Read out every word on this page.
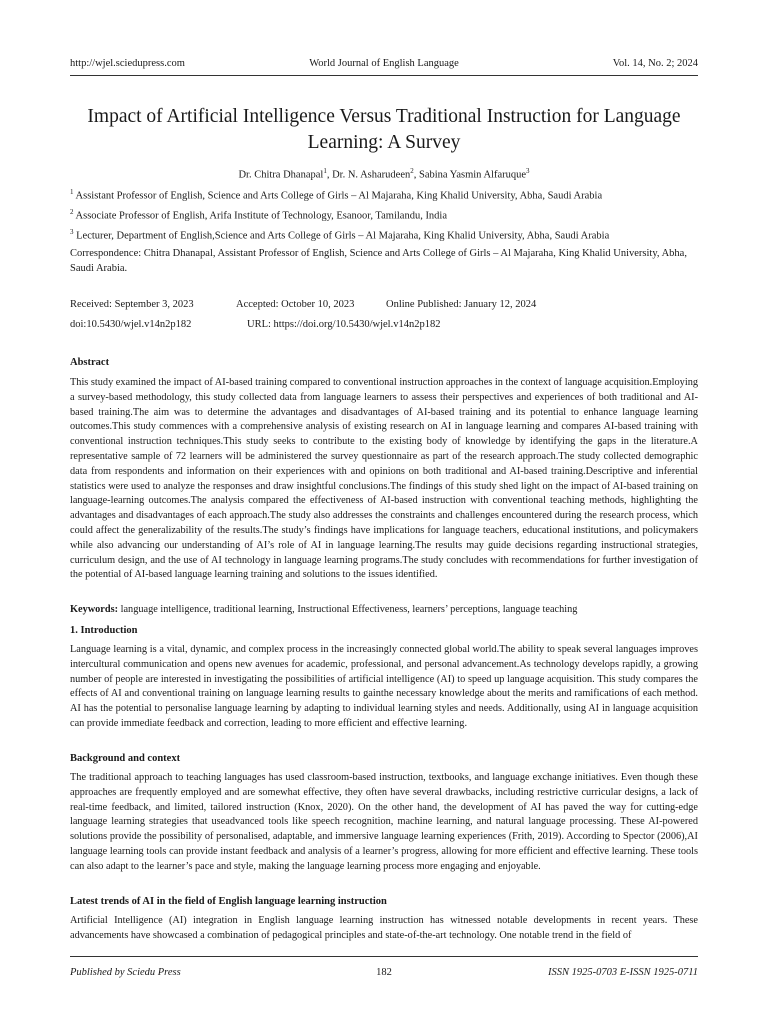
http://wjel.sciedupress.com	World Journal of English Language	Vol. 14, No. 2; 2024
Impact of Artificial Intelligence Versus Traditional Instruction for Language Learning: A Survey
Dr. Chitra Dhanapal$^1$, Dr. N. Asharudeen$^2$, Sabina Yasmin Alfaruque$^3$
$^1$ Assistant Professor of English, Science and Arts College of Girls – Al Majaraha, King Khalid University, Abha, Saudi Arabia
$^2$ Associate Professor of English, Arifa Institute of Technology, Esanoor, Tamilandu, India
$^3$ Lecturer, Department of English,Science and Arts College of Girls – Al Majaraha, King Khalid University, Abha, Saudi Arabia
Correspondence: Chitra Dhanapal, Assistant Professor of English, Science and Arts College of Girls – Al Majaraha, King Khalid University, Abha, Saudi Arabia.
Received: September 3, 2023	Accepted: October 10, 2023	Online Published: January 12, 2024
doi:10.5430/wjel.v14n2p182	URL: https://doi.org/10.5430/wjel.v14n2p182
Abstract
This study examined the impact of AI-based training compared to conventional instruction approaches in the context of language acquisition.Employing a survey-based methodology, this study collected data from language learners to assess their perspectives and experiences of both traditional and AI-based training.The aim was to determine the advantages and disadvantages of AI-based training and its potential to enhance language learning outcomes.This study commences with a comprehensive analysis of existing research on AI in language learning and compares AI-based training with conventional instruction techniques.This study seeks to contribute to the existing body of knowledge by identifying the gaps in the literature.A representative sample of 72 learners will be administered the survey questionnaire as part of the research approach.The study collected demographic data from respondents and information on their experiences with and opinions on both traditional and AI-based training.Descriptive and inferential statistics were used to analyze the responses and draw insightful conclusions.The findings of this study shed light on the impact of AI-based training on language-learning outcomes.The analysis compared the effectiveness of AI-based instruction with conventional teaching methods, highlighting the advantages and disadvantages of each approach.The study also addresses the constraints and challenges encountered during the research process, which could affect the generalizability of the results.The study’s findings have implications for language teachers, educational institutions, and policymakers while also advancing our understanding of AI’s role of AI in language learning.The results may guide decisions regarding instructional strategies, curriculum design, and the use of AI technology in language learning programs.The study concludes with recommendations for further investigation of the potential of AI-based language learning training and solutions to the issues identified.
Keywords: language intelligence, traditional learning, Instructional Effectiveness, learners’ perceptions, language teaching
1. Introduction
Language learning is a vital, dynamic, and complex process in the increasingly connected global world.The ability to speak several languages improves intercultural communication and opens new avenues for academic, professional, and personal advancement.As technology develops rapidly, a growing number of people are interested in investigating the possibilities of artificial intelligence (AI) to speed up language acquisition. This study compares the effects of AI and conventional training on language learning results to gainthe necessary knowledge about the merits and ramifications of each method. AI has the potential to personalise language learning by adapting to individual learning styles and needs. Additionally, using AI in language acquisition can provide immediate feedback and correction, leading to more efficient and effective learning.
Background and context
The traditional approach to teaching languages has used classroom-based instruction, textbooks, and language exchange initiatives. Even though these approaches are frequently employed and are somewhat effective, they often have several drawbacks, including restrictive curricular designs, a lack of real-time feedback, and limited, tailored instruction (Knox, 2020). On the other hand, the development of AI has paved the way for cutting-edge language learning strategies that useadvanced tools like speech recognition, machine learning, and natural language processing. These AI-powered solutions provide the possibility of personalised, adaptable, and immersive language learning experiences (Frith, 2019). According to Spector (2006),AI language learning tools can provide instant feedback and analysis of a learner’s progress, allowing for more efficient and effective learning. These tools can also adapt to the learner’s pace and style, making the language learning process more engaging and enjoyable.
Latest trends of AI in the field of English language learning instruction
Artificial Intelligence (AI) integration in English language learning instruction has witnessed notable developments in recent years. These advancements have showcased a combination of pedagogical principles and state-of-the-art technology. One notable trend in the field of
Published by Sciedu Press	182	ISSN 1925-0703 E-ISSN 1925-0711
